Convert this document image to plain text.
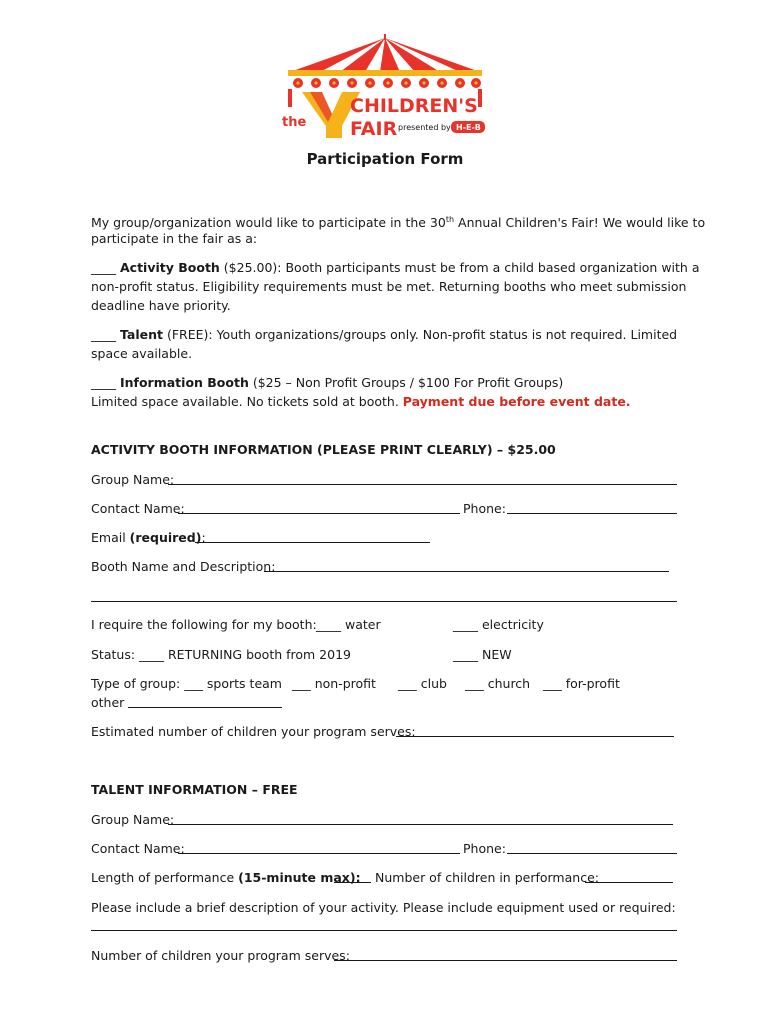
the
CHILDREN'S
FAIR presented by H-E-B
Participation Form
My group/organization would like to participate in the 30th Annual Children's Fair! We would like to
participate in the fair as a:
____ Activity Booth ($25.00): Booth participants must be from a child based organization with a
non-profit status. Eligibility requirements must be met. Returning booths who meet submission
deadline have priority.
____ Talent (FREE): Youth organizations/groups only. Non-profit status is not required. Limited
space available.
____ Information Booth ($25 – Non Profit Groups / $100 For Profit Groups)
Limited space available. No tickets sold at booth. Payment due before event date.
ACTIVITY BOOTH INFORMATION (PLEASE PRINT CLEARLY) – $25.00
Group Name:
Contact Name:	Phone:
Email (required):
Booth Name and Description:
I require the following for my booth: ____ water	____ electricity
Status: ____ RETURNING booth from 2019	____ NEW
Type of group: ___ sports team ___ non-profit ___ club ___ church ___ for-profit
other
Estimated number of children your program serves:
TALENT INFORMATION – FREE
Group Name:
Contact Name:	Phone:
Length of performance (15-minute max): Number of children in performance:
Please include a brief description of your activity. Please include equipment used or required:
Number of children your program serves:
